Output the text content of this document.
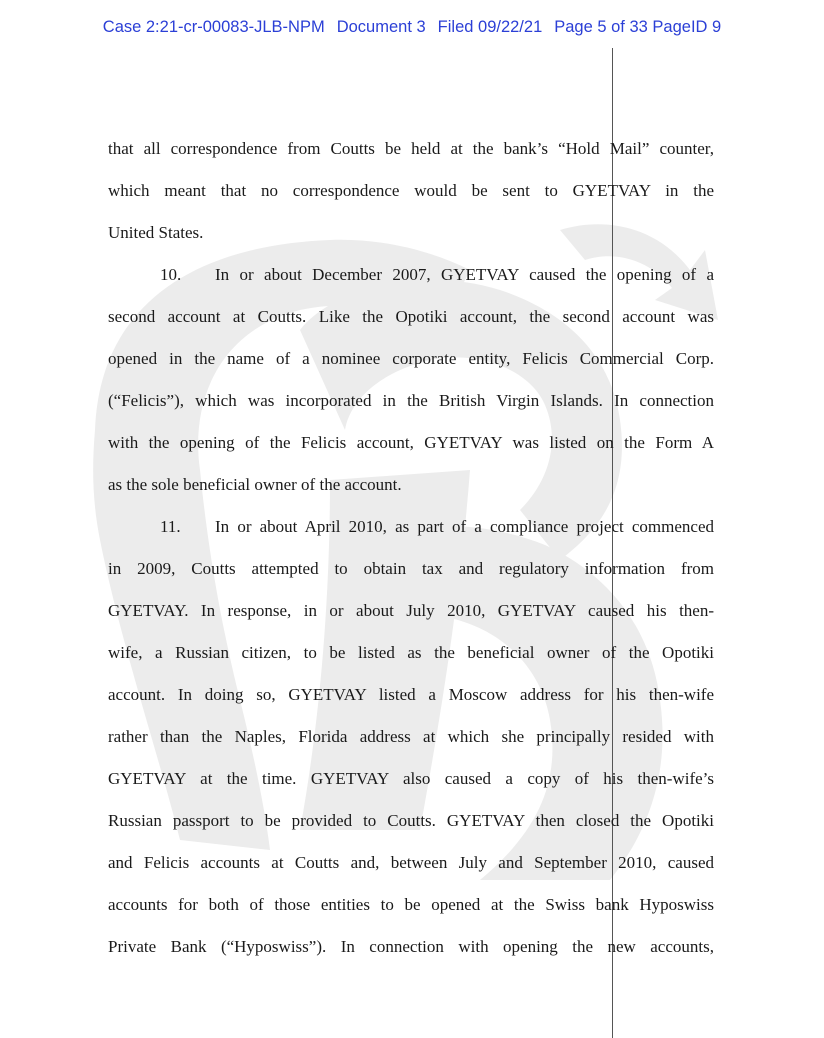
Case 2:21-cr-00083-JLB-NPM Document 3 Filed 09/22/21 Page 5 of 33 PageID 9
that all correspondence from Coutts be held at the bank’s “Hold Mail” counter,
which meant that no correspondence would be sent to GYETVAY in the
United States.
10.	In or about December 2007, GYETVAY caused the opening of a
second account at Coutts. Like the Opotiki account, the second account was
opened in the name of a nominee corporate entity, Felicis Commercial Corp.
(“Felicis”), which was incorporated in the British Virgin Islands. In connection
with the opening of the Felicis account, GYETVAY was listed on the Form A
as the sole beneficial owner of the account.
11.	In or about April 2010, as part of a compliance project commenced
in 2009, Coutts attempted to obtain tax and regulatory information from
GYETVAY. In response, in or about July 2010, GYETVAY caused his then-
wife, a Russian citizen, to be listed as the beneficial owner of the Opotiki
account. In doing so, GYETVAY listed a Moscow address for his then-wife
rather than the Naples, Florida address at which she principally resided with
GYETVAY at the time. GYETVAY also caused a copy of his then-wife’s
Russian passport to be provided to Coutts. GYETVAY then closed the Opotiki
and Felicis accounts at Coutts and, between July and September 2010, caused
accounts for both of those entities to be opened at the Swiss bank Hyposwiss
Private Bank (“Hyposwiss”). In connection with opening the new accounts,
